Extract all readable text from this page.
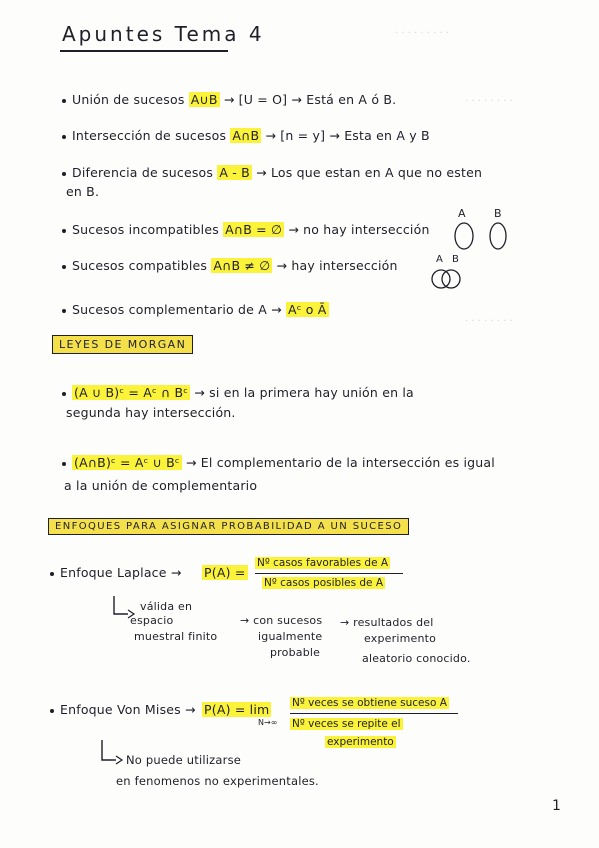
Apuntes Tema 4	· · · · · · · · ·
· · · · · · · ·
· · · · · · · ·
Unión de sucesos A∪B → [U = O] → Está en A ó B.
Intersección de sucesos A∩B → [n = y] → Esta en A y B
Diferencia de sucesos A - B → Los que estan en A que no esten
en B.
Sucesos incompatibles A∩B = ∅ → no hay intersección
A	B
Sucesos compatibles A∩B ≠ ∅ → hay intersección	A B
Sucesos complementario de A → Aᶜ o Ā
LEYES DE MORGAN
(A ∪ B)ᶜ = Aᶜ ∩ Bᶜ → si en la primera hay unión en la
segunda hay intersección.
(A∩B)ᶜ = Aᶜ ∪ Bᶜ → El complementario de la intersección es igual
a la unión de complementario
ENFOQUES PARA ASIGNAR PROBABILIDAD A UN SUCESO
Enfoque Laplace → P(A) =
Nº casos favorables de A
Nº casos posibles de A
válida en
espacio
muestral finito
→ con sucesos
igualmente
probable
→ resultados del
experimento
aleatorio conocido.
Enfoque Von Mises → P(A) = lim
N→∞
Nº veces se obtiene suceso A
Nº veces se repite el
experimento
No puede utilizarse
en fenomenos no experimentales.
1
